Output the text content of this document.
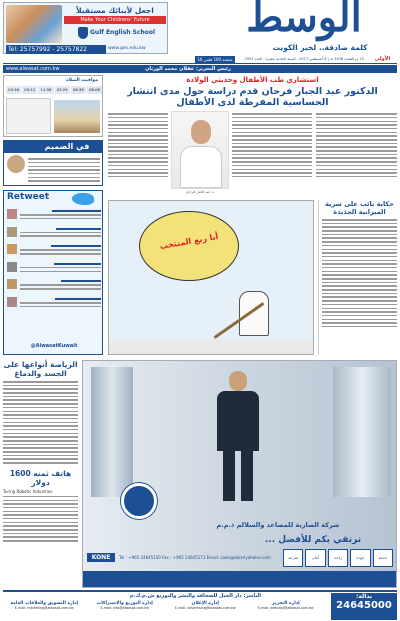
اجعل لأبنائك مستقبلاً
Make Your Childrens' Future
Gulf English School
Tel: 25757992 - 25757822	www.ges.edu.kw
الوسط
كلمة صادقة.. لخير الكويت
16 صفحة 100 فلس	15 ذو القعدة 1438 هـ | 8 أغسطس 2017 - السنة الحادية عشرة - العدد 2997	الأولى
www.alwasat.com.kw	رئيس التحرير: عقلان محمد الورثان
مواقيت الصلاة
03:46	05:12	11:56	03:29	06:38	08:06
في الصميم
Retweet
@AlwasatKuwait
استشاري طب الأطفال وحديثي الولادة
الدكتور عبد الجبار فرحان قدم دراسة حول مدى انتشار الحساسية المفرطة لدى الأطفال
د. عبد الجبار فرحان
أنا ربع المنتخب
حكاية نائب على سرية الميزانية الجديدة
الرياضة أنواعها على الجسد والدماغ
هاتف ثمنه 1600 دولار
Turing Robotic Industries
شركة الصارية للمصاعد والسلالم ذ.م.م
نرتقي بكم للأفضل ...
سرعة	أمان	راحة	جودة	خدمة
KONE	Tel : +965 24645150 Fax : +965 24645171 Email: sales@alsariyahelev.com
الناشر: دار الخيل للصحافة والنشر والتوزيع ش.م.ك.م
إدارة التسويق والعلاقات العامة
E-mail: marketing@alwasat.com.kw
إدارة التوزيع والاشتراكات
E-mail: info@alwasat.com.kw
إدارة الإعلان
E-mail: advertising@alwasat.com.kw
إدارة التحرير
E-mail: editorial@alwasat.com.kw
بدالة:
24645000
